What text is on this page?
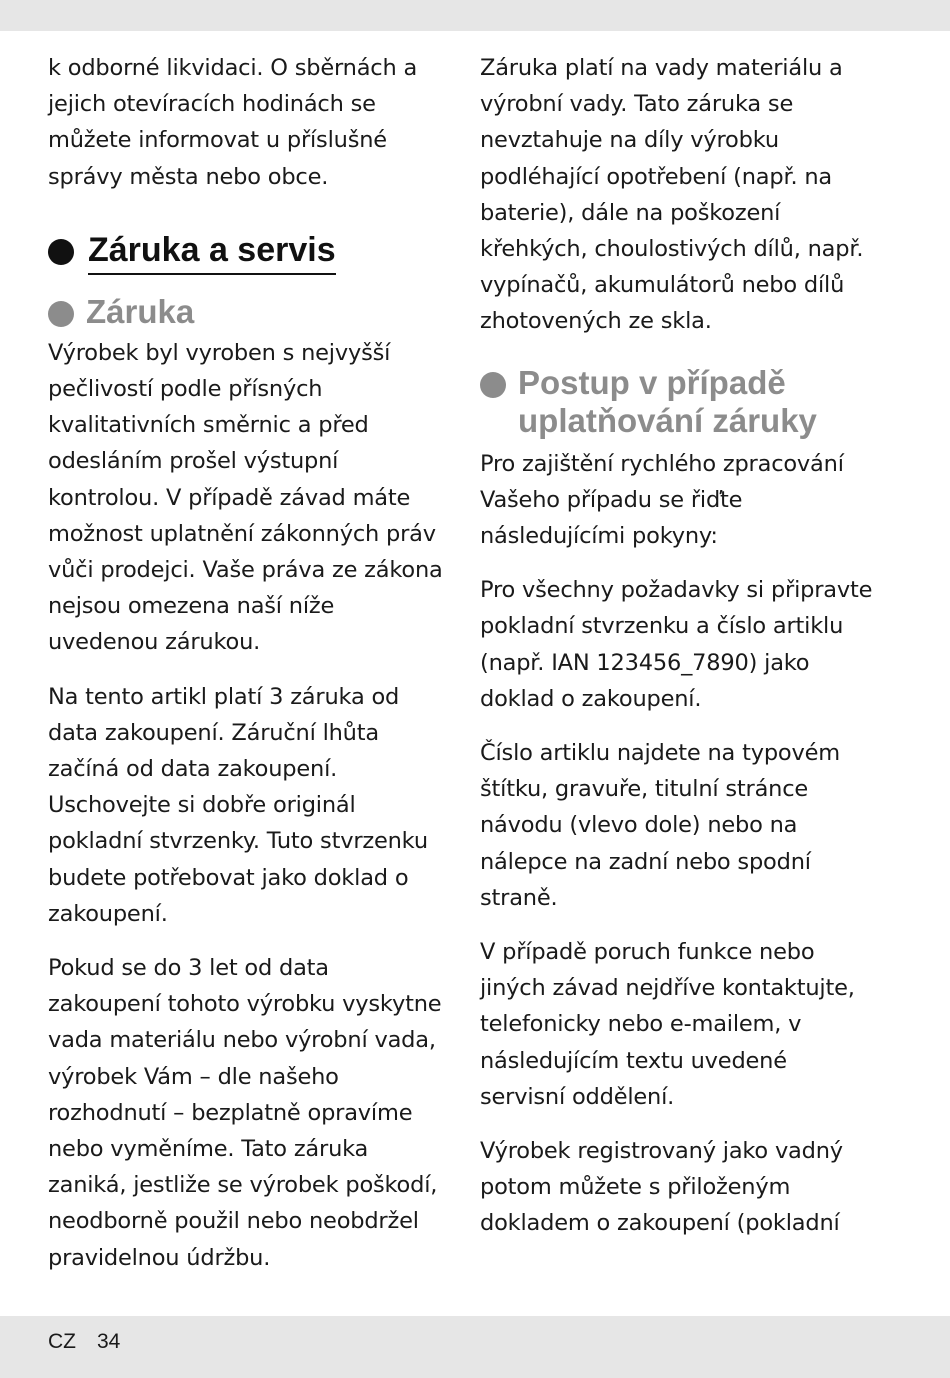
k odborné likvidaci. O sběrnách a jejich otevíracích hodinách se můžete informovat u příslušné správy města nebo obce.

Záruka a servis
Záruka

Výrobek byl vyroben s nejvyšší pečlivostí podle přísných kvalitativních směrnic a před odesláním prošel výstupní kontrolou. V případě závad máte možnost uplatnění zákonných práv vůči prodejci. Vaše práva ze zákona nejsou omezena naší níže uvedenou zárukou.

Na tento artikl platí 3 záruka od data zakoupení. Záruční lhůta začíná od data zakoupení. Uschovejte si dobře originál pokladní stvrzenky. Tuto stvrzenku budete potřebovat jako doklad o zakoupení.

Pokud se do 3 let od data zakoupení tohoto výrobku vyskytne vada materiálu nebo výrobní vada, výrobek Vám – dle našeho rozhodnutí – bezplatně opravíme nebo vyměníme. Tato záruka zaniká, jestliže se výrobek poškodí, neodborně použil nebo neobdržel pravidelnou údržbu.

Záruka platí na vady materiálu a výrobní vady. Tato záruka se nevztahuje na díly výrobku podléhající opotřebení (např. na baterie), dále na poškození křehkých, choulostivých dílů, např. vypínačů, akumulátorů nebo dílů zhotovených ze skla.

Postup v případě uplatňování záruky

Pro zajištění rychlého zpracování Vašeho případu se řiďte následujícími pokyny:

Pro všechny požadavky si připravte pokladní stvrzenku a číslo artiklu (např. IAN 123456_7890) jako doklad o zakoupení.

Číslo artiklu najdete na typovém štítku, gravuře, titulní stránce návodu (vlevo dole) nebo na nálepce na zadní nebo spodní straně.

V případě poruch funkce nebo jiných závad nejdříve kontaktujte, telefonicky nebo e-mailem, v následujícím textu uvedené servisní oddělení.

Výrobek registrovaný jako vadný potom můžete s přiloženým dokladem o zakoupení (pokladní

CZ 34
